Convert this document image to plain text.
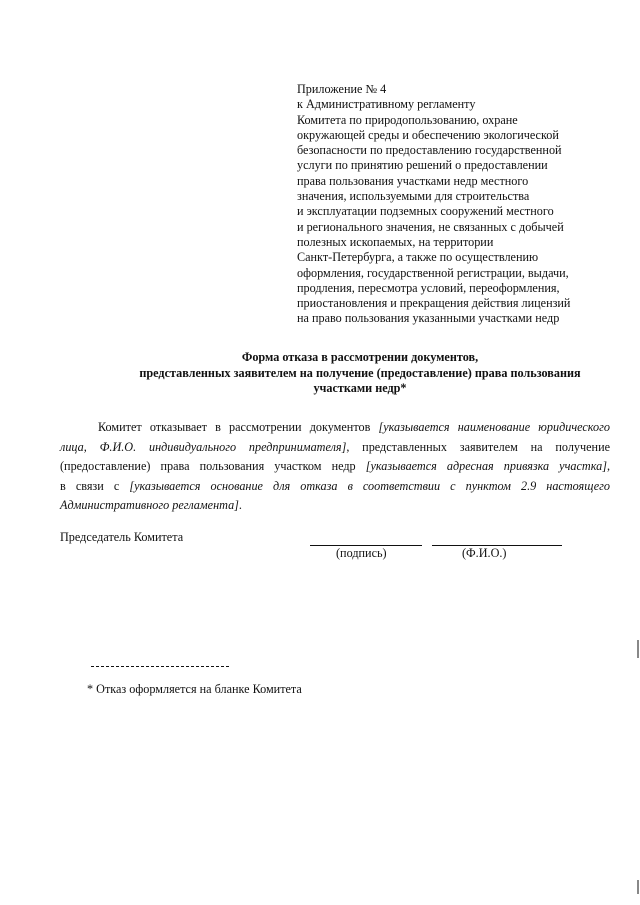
Приложение № 4
к Административному регламенту
Комитета по природопользованию, охране
окружающей среды и обеспечению экологической
безопасности по предоставлению государственной
услуги по принятию решений о предоставлении
права пользования участками недр местного
значения, используемыми для строительства
и эксплуатации подземных сооружений местного
и регионального значения, не связанных с добычей
полезных ископаемых, на территории
Санкт-Петербурга, а также по осуществлению
оформления, государственной регистрации, выдачи,
продления, пересмотра условий, переоформления,
приостановления и прекращения действия лицензий
на право пользования указанными участками недр
Форма отказа в рассмотрении документов,
представленных заявителем на получение (предоставление) права пользования
участками недр*
Комитет отказывает в рассмотрении документов [указывается наименование юридического
лица, Ф.И.О. индивидуального предпринимателя], представленных заявителем на получение
(предоставление) права пользования участком недр [указывается адресная привязка участка],
в связи с [указывается основание для отказа в соответствии с пунктом 2.9 настоящего
Административного регламента].
Председатель Комитета
(подпись)	(Ф.И.О.)
* Отказ оформляется на бланке Комитета
